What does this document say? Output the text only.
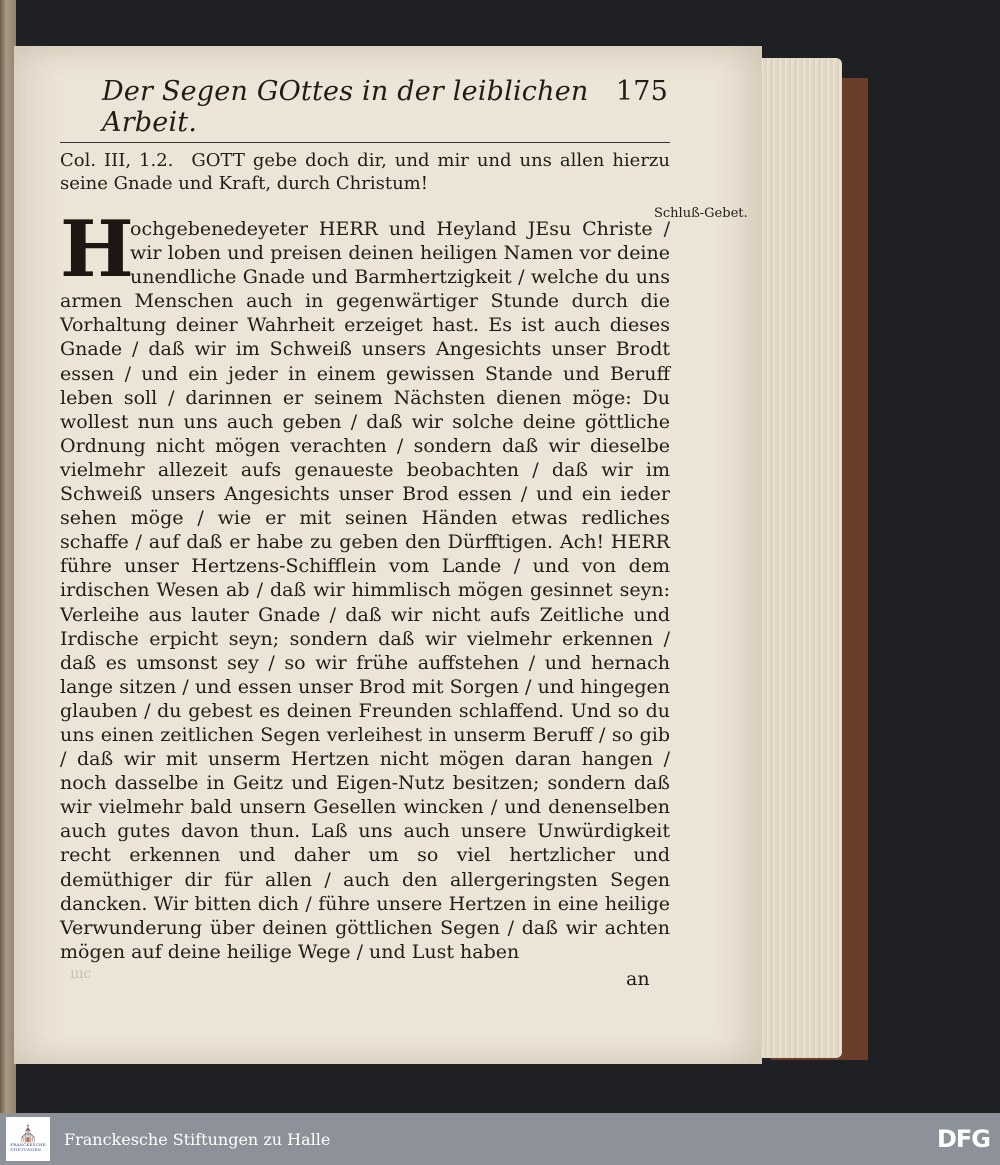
Der Segen GOttes in der leiblichen Arbeit.
175
Col. III, 1.2. GOTT gebe doch dir, und mir und uns allen hierzu seine Gnade und Kraft, durch Christum!
H
ochgebenedeyeter HERR und Heyland JEsu Christe / wir loben und preisen deinen heiligen Namen vor deine unendliche Gnade und Barmhertzigkeit / welche du uns armen Menschen auch in gegenwärtiger Stunde durch die Vorhaltung deiner Wahrheit erzeiget hast. Es ist auch dieses Gnade / daß wir im Schweiß unsers Angesichts unser Brodt essen / und ein jeder in einem gewissen Stande und Beruff leben soll / darinnen er seinem Nächsten dienen möge: Du wollest nun uns auch geben / daß wir solche deine göttliche Ordnung nicht mögen verachten / sondern daß wir dieselbe vielmehr allezeit aufs genaueste beobachten / daß wir im Schweiß unsers Angesichts unser Brod essen / und ein ieder sehen möge / wie er mit seinen Händen etwas redliches schaffe / auf daß er habe zu geben den Dürfftigen. Ach! HERR führe unser Hertzens-Schifflein vom Lande / und von dem irdischen Wesen ab / daß wir himmlisch mögen gesinnet seyn: Verleihe aus lauter Gnade / daß wir nicht aufs Zeitliche und Irdische erpicht seyn; sondern daß wir vielmehr erkennen / daß es umsonst sey / so wir frühe auffstehen / und hernach lange sitzen / und essen unser Brod mit Sorgen / und hingegen glauben / du gebest es deinen Freunden schlaffend. Und so du uns einen zeitlichen Segen verleihest in unserm Beruff / so gib / daß wir mit unserm Hertzen nicht mögen daran hangen / noch dasselbe in Geitz und Eigen-Nutz besitzen; sondern daß wir vielmehr bald unsern Gesellen wincken / und denenselben auch gutes davon thun. Laß uns auch unsere Unwürdigkeit recht erkennen und daher um so viel hertzlicher und demüthiger dir für allen / auch den allergeringsten Segen dancken. Wir bitten dich / führe unsere Hertzen in eine heilige Verwunderung über deinen göttlichen Segen / daß wir achten mögen auf deine heilige Wege / und Lust haben
ıııc	an
Schluß-Gebet.
⛪
FRANCKESCHE
STIFTUNGEN
Franckesche Stiftungen zu Halle	DFG
